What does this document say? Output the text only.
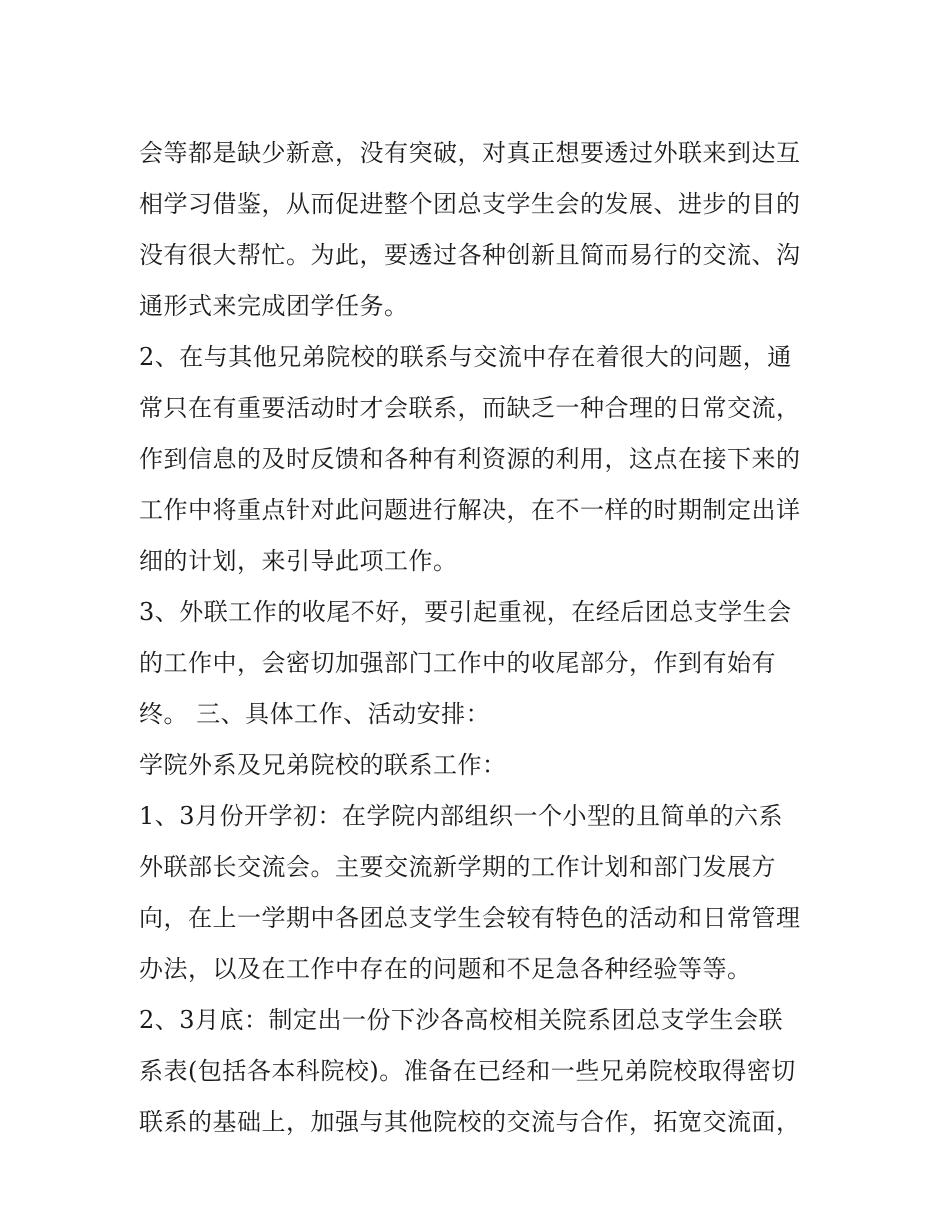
会等都是缺少新意，没有突破，对真正想要透过外联来到达互
相学习借鉴，从而促进整个团总支学生会的发展、进步的目的
没有很大帮忙。为此，要透过各种创新且简而易行的交流、沟
通形式来完成团学任务。
2、在与其他兄弟院校的联系与交流中存在着很大的问题，通
常只在有重要活动时才会联系，而缺乏一种合理的日常交流，
作到信息的及时反馈和各种有利资源的利用，这点在接下来的
工作中将重点针对此问题进行解决，在不一样的时期制定出详
细的计划，来引导此项工作。
3、外联工作的收尾不好，要引起重视，在经后团总支学生会
的工作中，会密切加强部门工作中的收尾部分，作到有始有
终。 三、具体工作、活动安排：
学院外系及兄弟院校的联系工作：
1、3月份开学初：在学院内部组织一个小型的且简单的六系
外联部长交流会。主要交流新学期的工作计划和部门发展方
向，在上一学期中各团总支学生会较有特色的活动和日常管理
办法，以及在工作中存在的问题和不足急各种经验等等。
2、3月底：制定出一份下沙各高校相关院系团总支学生会联
系表(包括各本科院校)。准备在已经和一些兄弟院校取得密切
联系的基础上，加强与其他院校的交流与合作，拓宽交流面，
